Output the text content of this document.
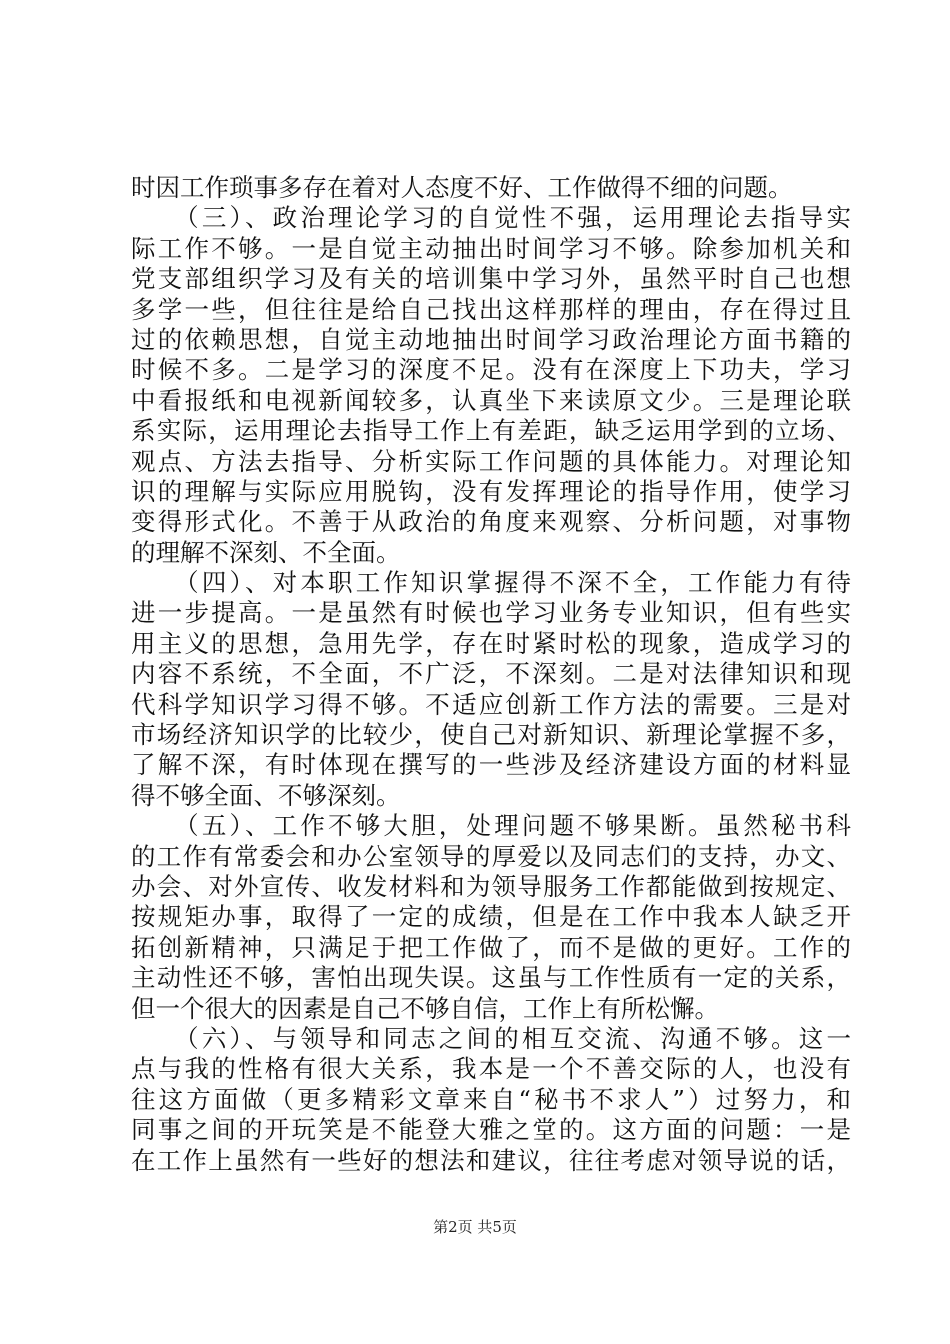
时因工作琐事多存在着对人态度不好、工作做得不细的问题。
　　（三）、政治理论学习的自觉性不强，运用理论去指导实
际工作不够。一是自觉主动抽出时间学习不够。除参加机关和
党支部组织学习及有关的培训集中学习外，虽然平时自己也想
多学一些，但往往是给自己找出这样那样的理由，存在得过且
过的依赖思想，自觉主动地抽出时间学习政治理论方面书籍的
时候不多。二是学习的深度不足。没有在深度上下功夫，学习
中看报纸和电视新闻较多，认真坐下来读原文少。三是理论联
系实际，运用理论去指导工作上有差距，缺乏运用学到的立场、
观点、方法去指导、分析实际工作问题的具体能力。对理论知
识的理解与实际应用脱钩，没有发挥理论的指导作用，使学习
变得形式化。不善于从政治的角度来观察、分析问题，对事物
的理解不深刻、不全面。
　　（四）、对本职工作知识掌握得不深不全，工作能力有待
进一步提高。一是虽然有时候也学习业务专业知识，但有些实
用主义的思想，急用先学，存在时紧时松的现象，造成学习的
内容不系统，不全面，不广泛，不深刻。二是对法律知识和现
代科学知识学习得不够。不适应创新工作方法的需要。三是对
市场经济知识学的比较少，使自己对新知识、新理论掌握不多，
了解不深，有时体现在撰写的一些涉及经济建设方面的材料显
得不够全面、不够深刻。
　　（五）、工作不够大胆，处理问题不够果断。虽然秘书科
的工作有常委会和办公室领导的厚爱以及同志们的支持，办文、
办会、对外宣传、收发材料和为领导服务工作都能做到按规定、
按规矩办事，取得了一定的成绩，但是在工作中我本人缺乏开
拓创新精神，只满足于把工作做了，而不是做的更好。工作的
主动性还不够，害怕出现失误。这虽与工作性质有一定的关系，
但一个很大的因素是自己不够自信，工作上有所松懈。
　　（六）、与领导和同志之间的相互交流、沟通不够。这一
点与我的性格有很大关系，我本是一个不善交际的人，也没有
往这方面做（更多精彩文章来自“秘书不求人”）过努力，和
同事之间的开玩笑是不能登大雅之堂的。这方面的问题：一是
在工作上虽然有一些好的想法和建议，往往考虑对领导说的话，
第2页 共5页
